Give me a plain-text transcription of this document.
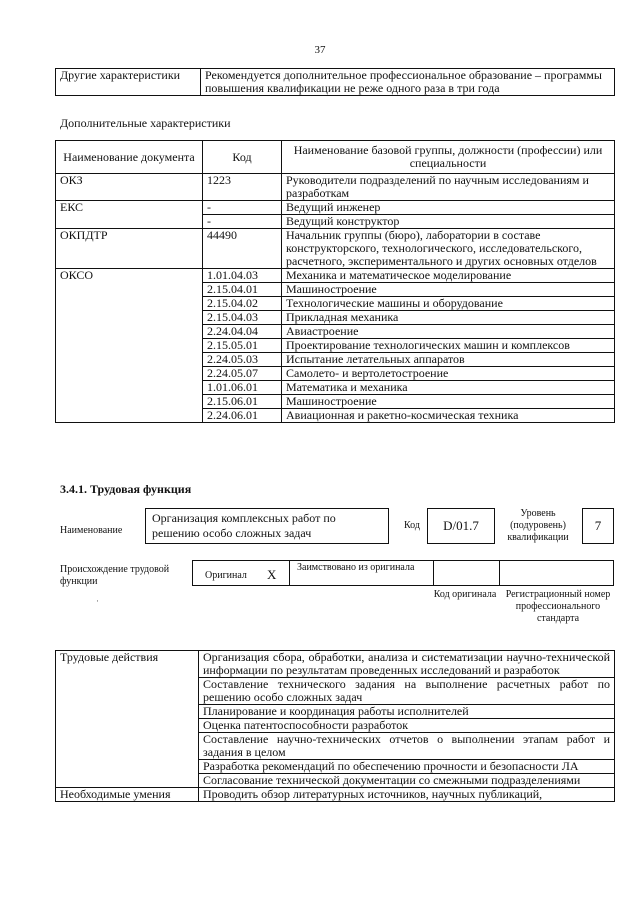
37
Другие характеристики	Рекомендуется дополнительное профессиональное образование – программы повышения квалификации не реже одного раза в три года
Дополнительные характеристики
Наименование документа	Код	Наименование базовой группы, должности (профессии) или специальности
ОКЗ	1223	Руководители подразделений по научным исследованиям и разработкам
ЕКС	-	Ведущий инженер
	-	Ведущий конструктор
ОКПДТР	44490	Начальник группы (бюро), лаборатории в составе конструкторского, технологического, исследовательского, расчетного, экспериментального и других основных отделов
ОКСО	1.01.04.03	Механика и математическое моделирование
	2.15.04.01	Машиностроение
	2.15.04.02	Технологические машины и оборудование
	2.15.04.03	Прикладная механика
	2.24.04.04	Авиастроение
	2.15.05.01	Проектирование технологических машин и комплексов
	2.24.05.03	Испытание летательных аппаратов
	2.24.05.07	Самолето- и вертолетостроение
	1.01.06.01	Математика и механика
	2.15.06.01	Машиностроение
	2.24.06.01	Авиационная и ракетно-космическая техника
3.4.1. Трудовая функция
Наименование
Организация комплексных работ по решению особо сложных задач
Код	D/01.7
Уровень (подуровень) квалификации
7
Происхождение трудовой функции
Оригинал X Заимствовано из оригинала
Код оригинала Регистрационный номер профессионального стандарта
·
Трудовые действия	Организация сбора, обработки, анализа и систематизации научно-технической информации по результатам проведенных исследований и разработок
	Составление технического задания на выполнение расчетных работ по решению особо сложных задач
	Планирование и координация работы исполнителей
	Оценка патентоспособности разработок
	Составление научно-технических отчетов о выполнении этапам работ и задания в целом
	Разработка рекомендаций по обеспечению прочности и безопасности ЛА
	Согласование технической документации со смежными подразделениями
Необходимые умения	Проводить обзор литературных источников, научных публикаций,
